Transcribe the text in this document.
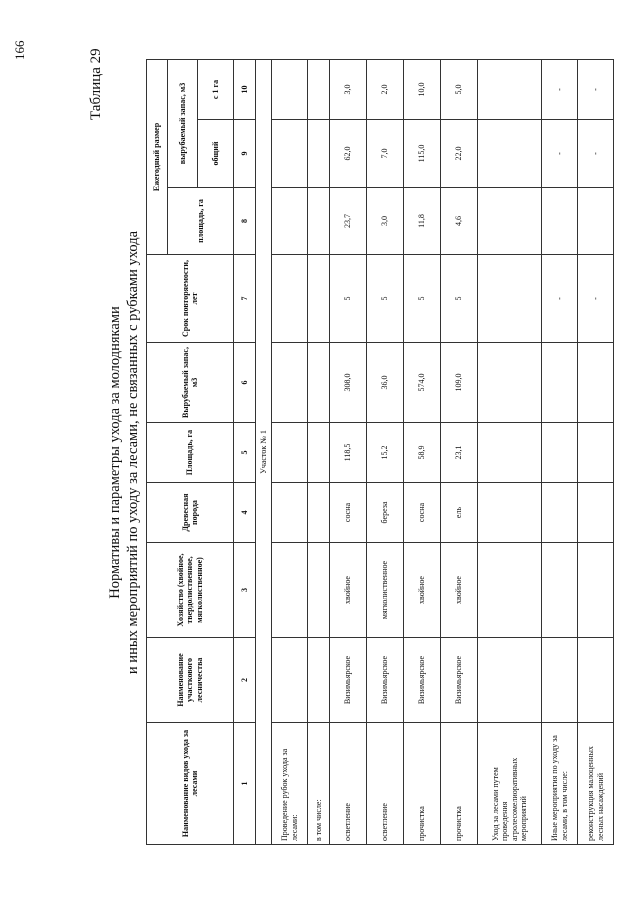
166	Таблица 29
Нормативы и параметры ухода за молодняками и иных мероприятий по уходу за лесами, не связанных с рубками ухода
Наименование видов ухода за лесами	Наименование участкового лесничества	Хозяйство (хвойное, твердолиственное, мягколиственное)	Древесная порода	Площадь, га	Вырубаемый запас, м3	Срок повторяемости, лет	Ежегодный размер		
							площадь, га	вырубаемый запас, м3	
								общий	с 1 га
1	2	3	4	5	6	7	8	9	10
Участок № 1									
Проведение рубок ухода за лесами:									
в том числе:									
осветление	Визимьярское	хвойное	сосна	118,5	308,0	5	23,7	62,0	3,0
осветление	Визимьярское	мягколиственное	береза	15,2	36,0	5	3,0	7,0	2,0
прочистка	Визимьярское	хвойное	сосна	58,9	574,0	5	11,8	115,0	10,0
прочистка	Визимьярское	хвойное	ель	23,1	109,0	5	4,6	22,0	5,0
Уход за лесами путем проведения агролесомелиоративных мероприятий									
Иные мероприятия по уходу за лесами, в том числе:						-		-	-
реконструкция малоценных лесных насаждений						-		-	-
